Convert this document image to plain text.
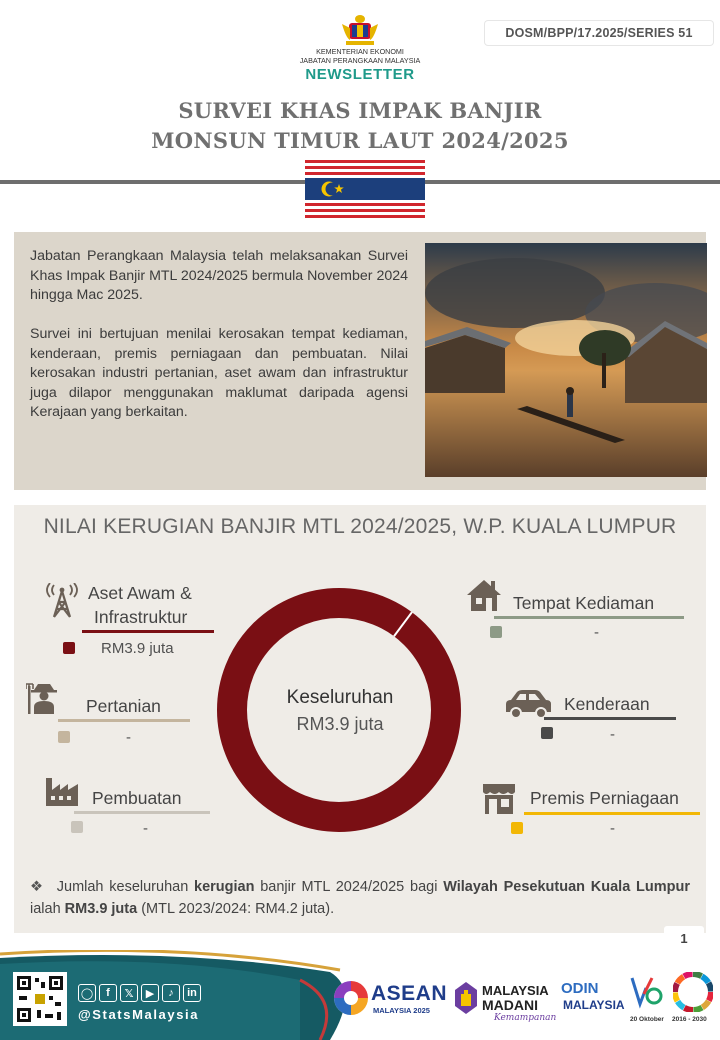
DOSM/BPP/17.2025/SERIES 51
KEMENTERIAN EKONOMI
JABATAN PERANGKAAN MALAYSIA
NEWSLETTER
SURVEI KHAS IMPAK BANJIR
MONSUN TIMUR LAUT 2024/2025

Jabatan Perangkaan Malaysia telah melaksanakan Survei Khas Impak Banjir MTL 2024/2025 bermula November 2024 hingga Mac 2025.

Survei ini bertujuan menilai kerosakan tempat kediaman, kenderaan, premis perniagaan dan pembuatan. Nilai kerosakan industri pertanian, aset awam dan infrastruktur juga dilapor menggunakan maklumat daripada agensi Kerajaan yang berkaitan.

NILAI KERUGIAN BANJIR MTL 2024/2025, W.P. KUALA LUMPUR
Keseluruhan
RM3.9 juta
Aset Awam &
Infrastruktur
RM3.9 juta
Pertanian
-
Pembuatan
-
Tempat Kediaman
-
Kenderaan
-
Premis Perniagaan
-
❖ Jumlah keseluruhan kerugian banjir MTL 2024/2025 bagi Wilayah Pesekutuan Kuala Lumpur ialah RM3.9 juta (MTL 2023/2024: RM4.2 juta).
1
◯	f	𝕏	▶	♪	in
@StatsMalaysia
ASEAN
MALAYSIA 2025
MALAYSIA
MADANI
Kemampanan
ODIN
MALAYSIA
20 Oktober 2016 - 2030
